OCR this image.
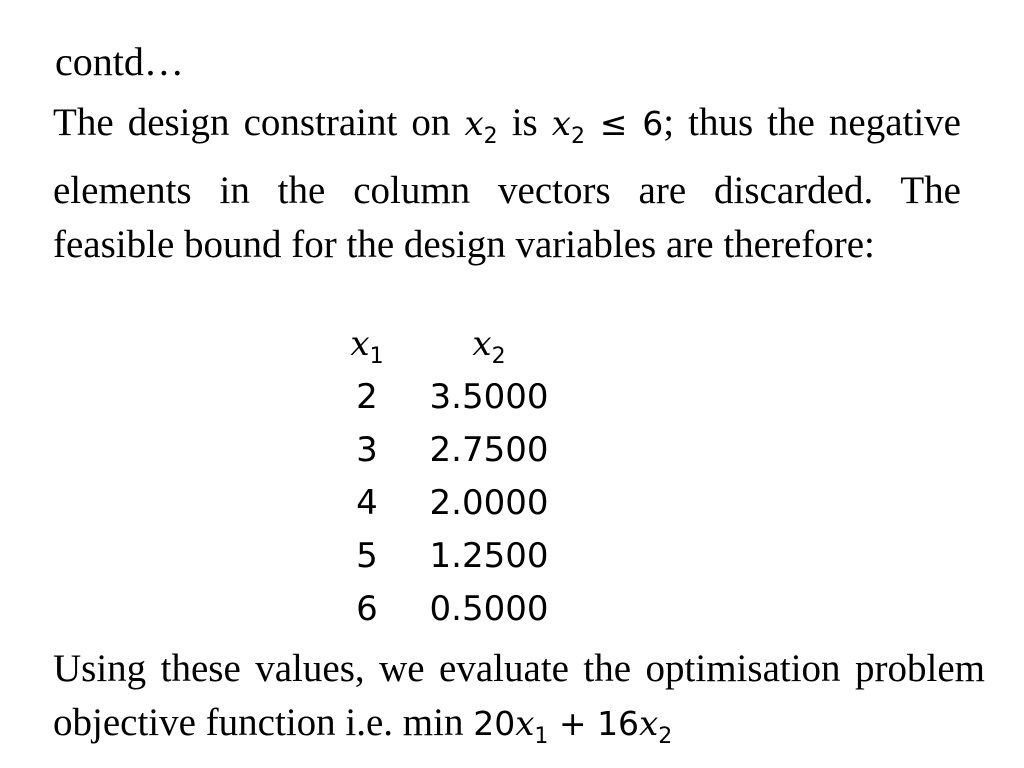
contd…
The design constraint on $x_2$ is $x_2 \le 6$; thus the negative elements in the column vectors are discarded. The feasible bound for the design variables are therefore:
$x_1$	$x_2$
2	3.5000
3	2.7500
4	2.0000
5	1.2500
6	0.5000
Using these values, we evaluate the optimisation problem objective function i.e. $\min 20x_1 + 16x_2$
